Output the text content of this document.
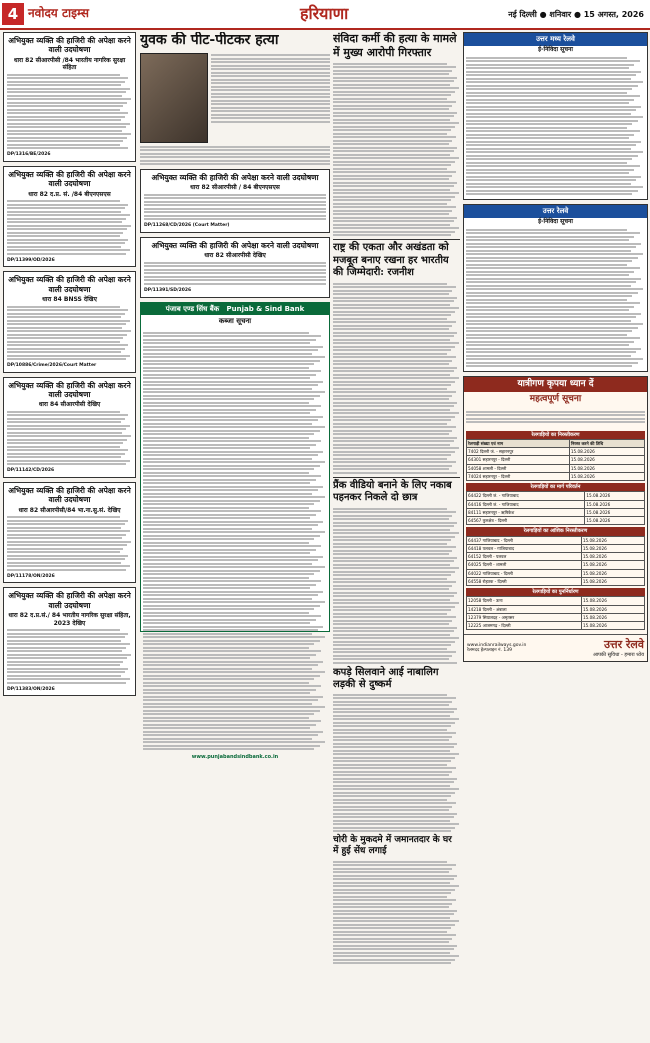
4 नवोदय टाइम्स	हरियाणा	नई दिल्ली ● शनिवार ● 15 अगस्त, 2026
अभियुक्त व्यक्ति की हाजिरी की अपेक्षा करने वाली उदघोषणा
धारा 82 सीआरपीसी /84 भारतीय नागरिक सुरक्षा संहिता
DP/1316/BE/2026
अभियुक्त व्यक्ति की हाजिरी की अपेक्षा करने वाली उदघोषणा
धारा 82 द.प्र. सं. /84 बीएनएसएस
DP/11399/OD/2026
अभियुक्त व्यक्ति की हाजिरी की अपेक्षा करने वाली उदघोषणा
धारा 84 BNSS देखिए
DP/10886/Crime/2026/Court Matter
अभियुक्त व्यक्ति की हाजिरी की अपेक्षा करने वाली उदघोषणा
धारा 84 सीआरपीसी देखिए
DP/11142/CD/2026
अभियुक्त व्यक्ति की हाजिरी की अपेक्षा करने वाली उदघोषणा
धारा 82 सीआरपीसी/84 भा.ना.सु.सं. देखिए
DP/11178/ON/2026
अभियुक्त व्यक्ति की हाजिरी की अपेक्षा करने वाली उदघोषणा
धारा 82 द.प्र.सं./ 84 भारतीय नागरिक सुरक्षा संहिता, 2023 देखिए
DP/11383/ON/2026
युवक की पीट-पीटकर हत्या
अभियुक्त व्यक्ति की हाजिरी की अपेक्षा करने वाली उदघोषणा
धारा 82 सीआरपीसी / 84 बीएनएसएस
DP/11268/CD/2026 (Court Matter)
अभियुक्त व्यक्ति की हाजिरी की अपेक्षा करने वाली उदघोषणा
धारा 82 सीआरपीसी देखिए
DP/11391/SD/2026
पंजाब एण्ड सिंध बैंक Punjab & Sind Bank
कब्जा सूचना
www.punjabandsindbank.co.in
संविदा कर्मी की हत्या के मामले में मुख्य आरोपी गिरफ्तार
राष्ट्र की एकता और अखंडता को मजबूत बनाए रखना हर भारतीय की जिम्मेदारी: रजनीश
प्रैंक वीडियो बनाने के लिए नकाब पहनकर निकले दो छात्र
कपड़े सिलवाने आई नाबालिग लड़की से दुष्कर्म
चोरी के मुकदमे में जमानतदार के घर में हुई सेंध लगाई
उत्तर मध्य रेलवे
ई-निविदा सूचना
उत्तर रेलवे
ई-निविदा सूचना
यात्रीगण कृपया ध्यान दें
महत्वपूर्ण सूचना
रेलगाड़ियों का निरस्तीकरण
रेलगाड़ी संख्या एवं नाम	निरस्त करने की तिथि
7402 दिल्ली जं. - सहारनपुर	15.08.2026
64301 सहारनपुर - दिल्ली	15.08.2026
54058 शामली - दिल्ली	15.08.2026
74024 सहारनपुर - दिल्ली	15.08.2026
रेलगाड़ियों का मार्ग परिवर्तन
64422 दिल्ली जं. - गाजियाबाद	15.08.2026
64416 दिल्ली जं. - गाजियाबाद	15.08.2026
84111 सहारनपुर - ऋषिकेश	15.08.2026
64567 कुरुक्षेत्र - दिल्ली	15.08.2026
रेलगाड़ियों का आंशिक निरस्तीकरण
64437 गाजियाबाद - दिल्ली	15.08.2026
64418 पलवल - गाजियाबाद	15.08.2026
64152 दिल्ली - पलवल	15.08.2026
64025 दिल्ली - शामली	15.08.2026
64022 गाजियाबाद - दिल्ली	15.08.2026
64558 रोहतक - दिल्ली	15.08.2026
रेलगाड़ियों का पुनर्निर्धारण
12058 दिल्ली - ऊना	15.08.2026
14218 दिल्ली - अंबाला	15.08.2026
12379 सियालदह - अमृतसर	15.08.2026
12225 आजमगढ़ - दिल्ली	15.08.2026
www.indianrailways.gov.in
रेलमदद हेल्पलाइन नं. 139	उत्तर रेलवे
आपकी सुविधा - हमारा ध्येय
